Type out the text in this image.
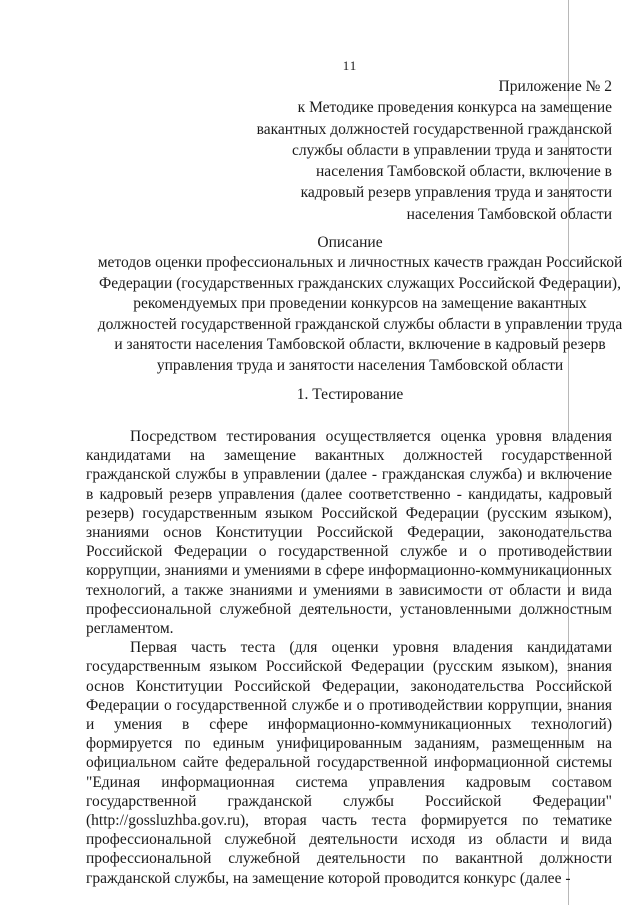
11
Приложение № 2
к Методике проведения конкурса на замещение
вакантных должностей государственной гражданской
службы области в управлении труда и занятости
населения Тамбовской области, включение в
кадровый резерв управления труда и занятости
населения Тамбовской области
Описание
методов оценки профессиональных и личностных качеств граждан Российской
Федерации (государственных гражданских служащих Российской Федерации),
рекомендуемых при проведении конкурсов на замещение вакантных
должностей государственной гражданской службы области в управлении труда
и занятости населения Тамбовской области, включение в кадровый резерв
управления труда и занятости населения Тамбовской области
1. Тестирование

Посредством тестирования осуществляется оценка уровня владения кандидатами на замещение вакантных должностей государственной гражданской службы в управлении (далее - гражданская служба) и включение в кадровый резерв управления (далее соответственно - кандидаты, кадровый резерв) государственным языком Российской Федерации (русским языком), знаниями основ Конституции Российской Федерации, законодательства Российской Федерации о государственной службе и о противодействии коррупции, знаниями и умениями в сфере информационно-коммуникационных технологий, а также знаниями и умениями в зависимости от области и вида профессиональной служебной деятельности, установленными должностным регламентом.

Первая часть теста (для оценки уровня владения кандидатами государственным языком Российской Федерации (русским языком), знания основ Конституции Российской Федерации, законодательства Российской Федерации о государственной службе и о противодействии коррупции, знания и умения в сфере информационно-коммуникационных технологий) формируется по единым унифицированным заданиям, размещенным на официальном сайте федеральной государственной информационной системы "Единая информационная система управления кадровым составом государственной гражданской службы Российской Федерации" (http://gossluzhba.gov.ru), вторая часть теста формируется по тематике профессиональной служебной деятельности исходя из области и вида профессиональной служебной деятельности по вакантной должности гражданской службы, на замещение которой проводится конкурс (далее -
